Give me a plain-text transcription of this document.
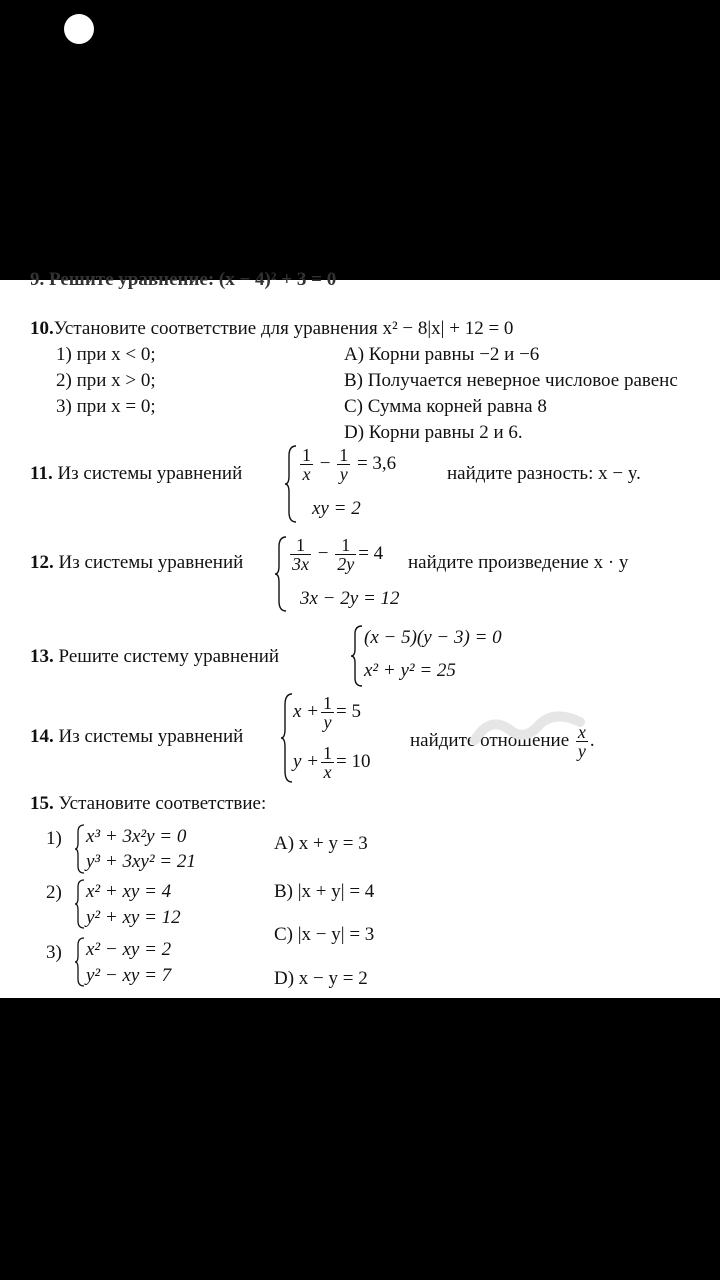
9. Решите уравнение: (x − 4)² + 3 = 0
10.Установите соответствие для уравнения x² − 8|x| + 12 = 0
1) при x < 0;
2) при x > 0;
3) при x = 0;
A) Корни равны −2 и −6
B) Получается неверное числовое равенс
C) Сумма корней равна 8
D) Корни равны 2 и 6.
11. Из системы уравнений	$\frac{1}{x} - \frac{1}{y} = 3,6$
xy = 2
найдите разность: x − y.
12. Из системы уравнений	$\frac{1}{3x} - \frac{1}{2y} = 4$
3x − 2y = 12
найдите произведение x · y
13. Решите систему уравнений
(x − 5)(y − 3) = 0
x² + y² = 25
14. Из системы уравнений
$x + \frac{1}{y} = 5$
$y + \frac{1}{x} = 10$
найдите отношение $\frac{x}{y}$ .
15. Установите соответствие:
1) x³ + 3x²y = 0
y³ + 3xy² = 21
2) x² + xy = 4
y² + xy = 12
3) x² − xy = 2
y² − xy = 7
A) x + y = 3
B) |x + y| = 4
C) |x − y| = 3
D) x − y = 2
